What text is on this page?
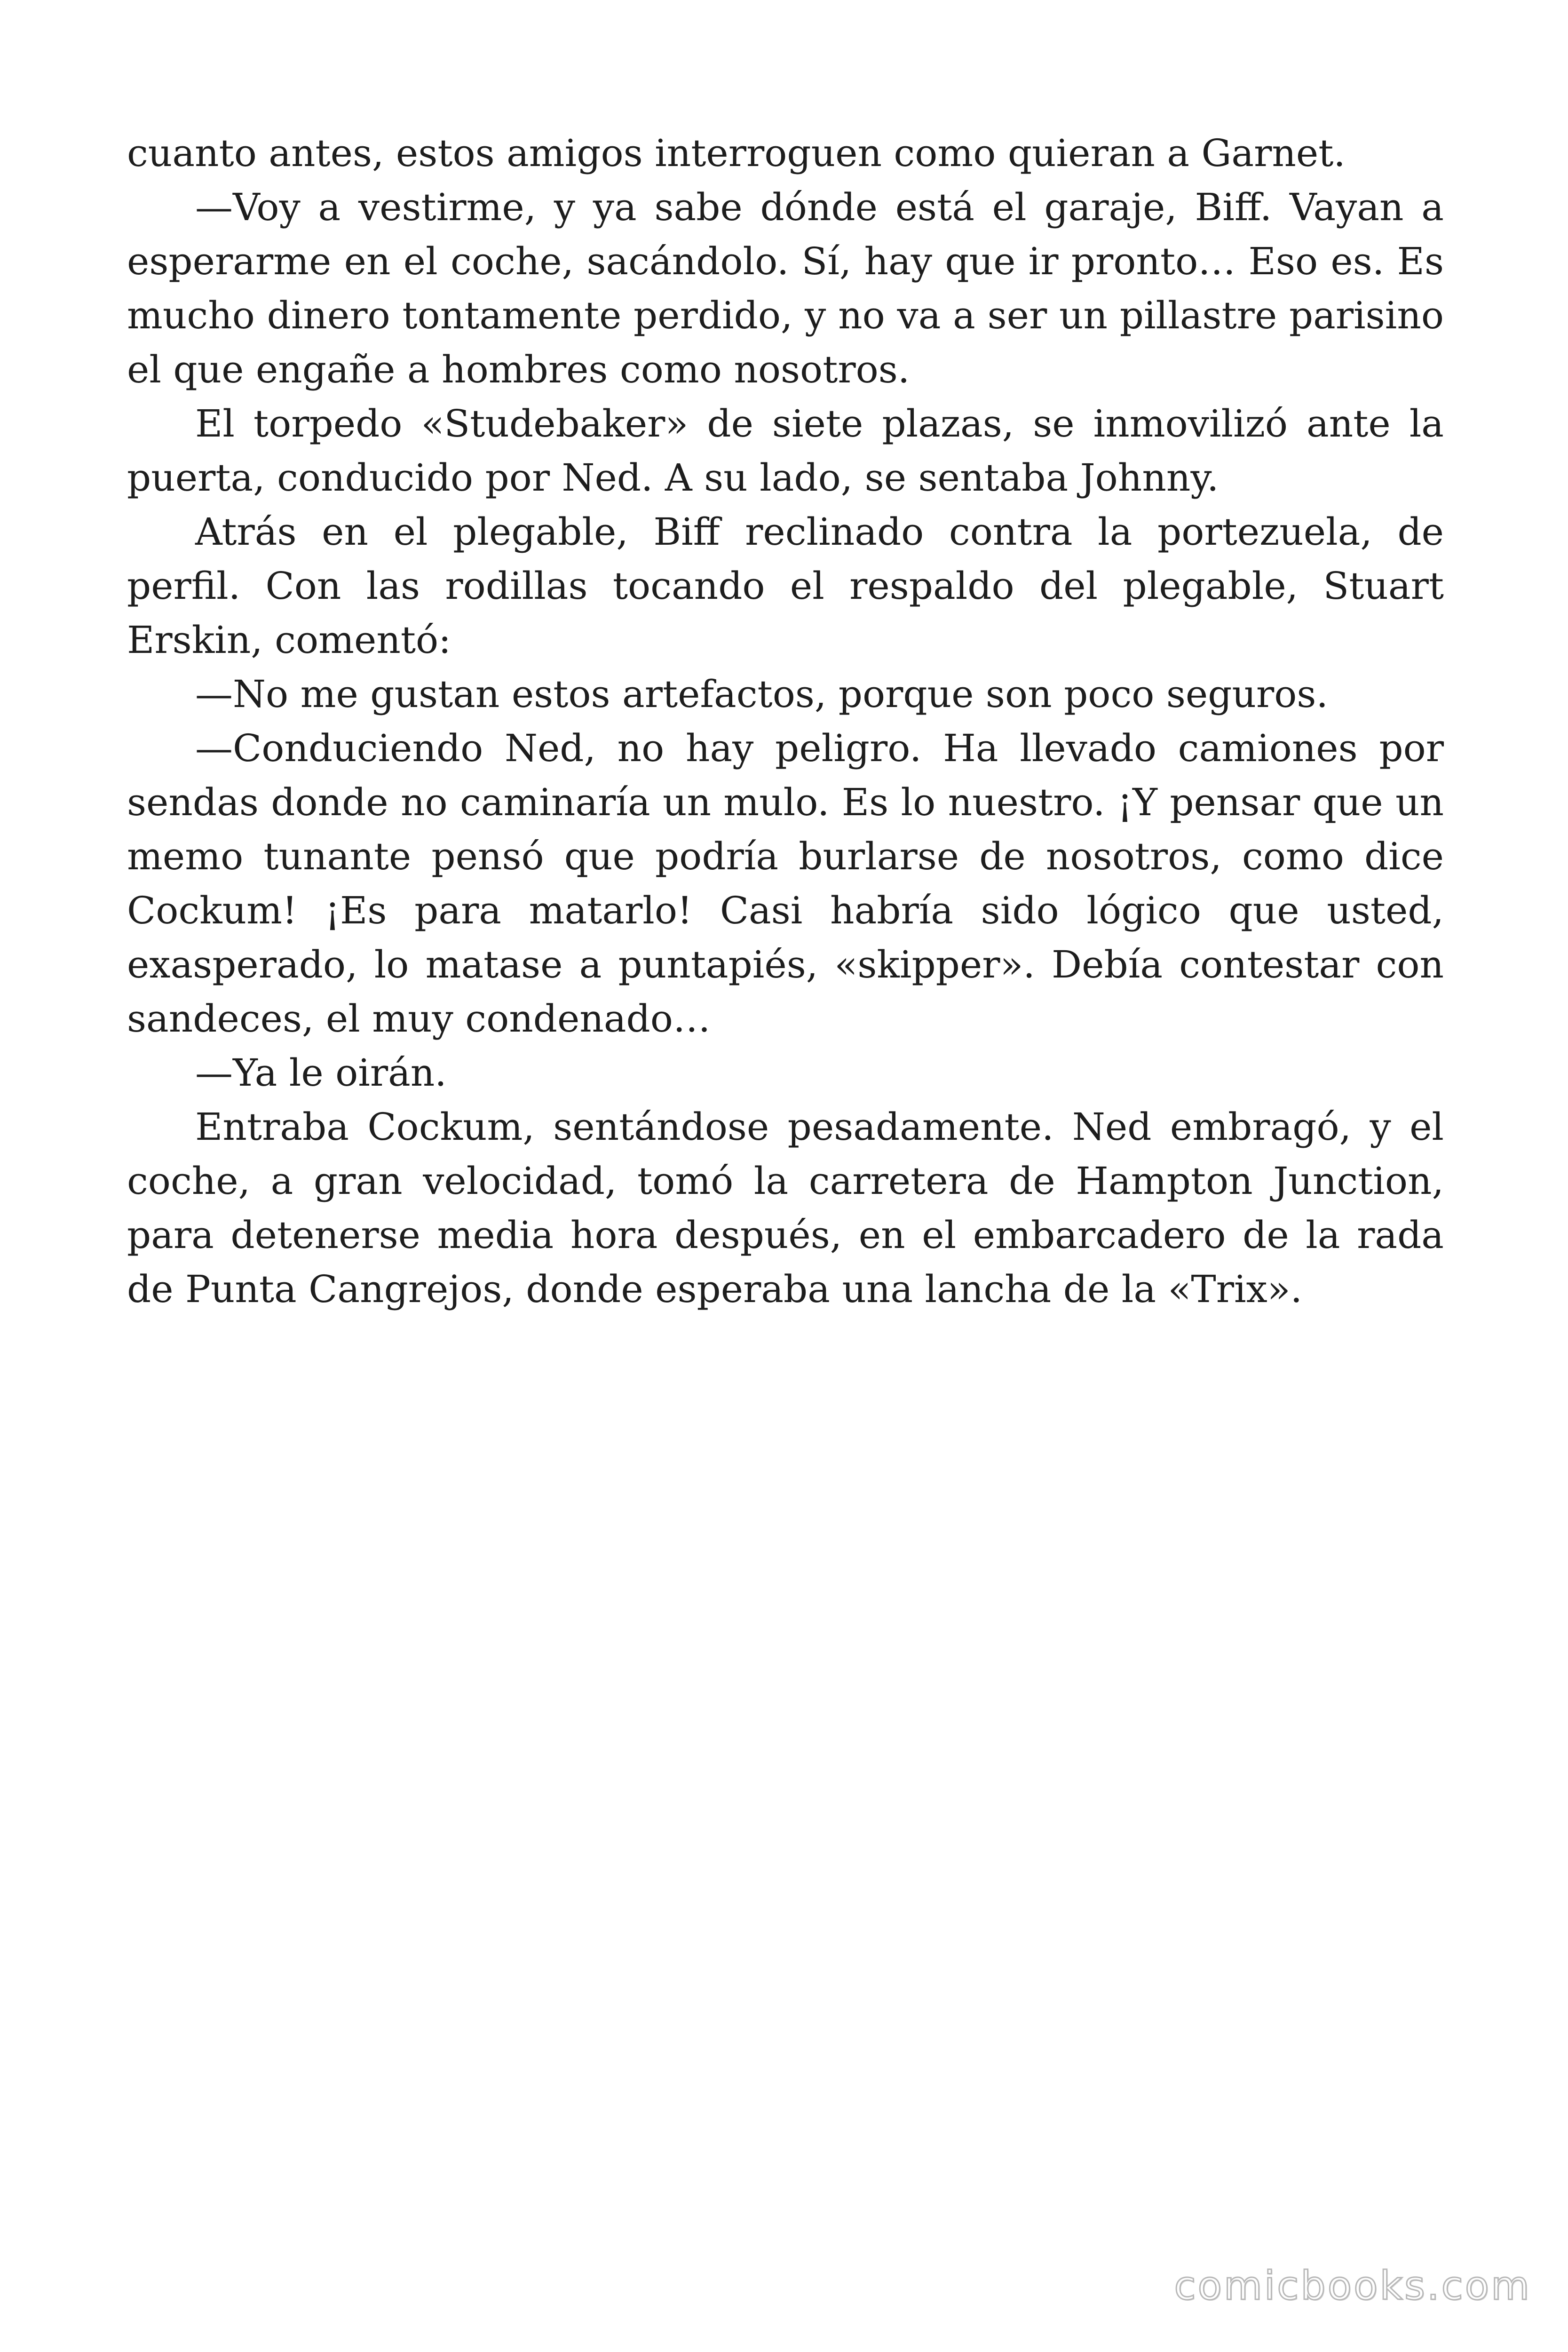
cuanto antes, estos amigos interroguen como quieran a Garnet.

—Voy a vestirme, y ya sabe dónde está el garaje, Biff. Vayan a esperarme en el coche, sacándolo. Sí, hay que ir pronto… Eso es. Es mucho dinero tontamente perdido, y no va a ser un pillastre parisino el que engañe a hombres como nosotros.

El torpedo «Studebaker» de siete plazas, se inmovilizó ante la puerta, conducido por Ned. A su lado, se sentaba Johnny.

Atrás en el plegable, Biff reclinado contra la portezuela, de perfil. Con las rodillas tocando el respaldo del plegable, Stuart Erskin, comentó:

—No me gustan estos artefactos, porque son poco seguros.

—Conduciendo Ned, no hay peligro. Ha llevado camiones por sendas donde no caminaría un mulo. Es lo nuestro. ¡Y pensar que un memo tunante pensó que podría burlarse de nosotros, como dice Cockum! ¡Es para matarlo! Casi habría sido lógico que usted, exasperado, lo matase a puntapiés, «skipper». Debía contestar con sandeces, el muy condenado…

—Ya le oirán.

Entraba Cockum, sentándose pesadamente. Ned embragó, y el coche, a gran velocidad, tomó la carretera de Hampton Junction, para detenerse media hora después, en el embarcadero de la rada de Punta Cangrejos, donde esperaba una lancha de la «Trix».

comicbooks.com
